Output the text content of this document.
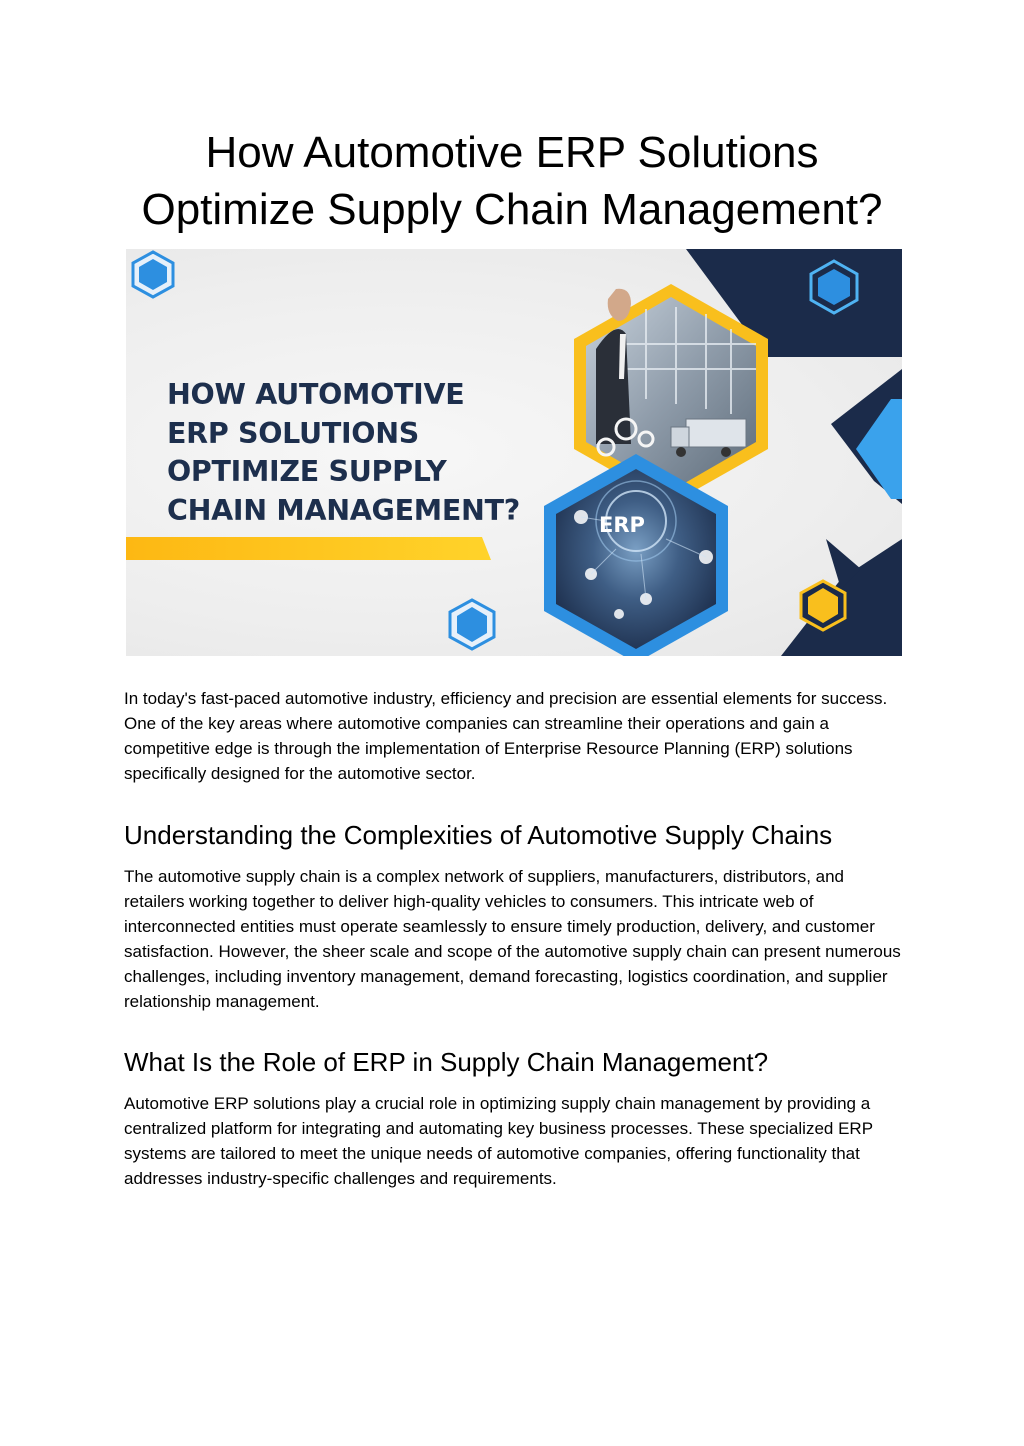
How Automotive ERP Solutions
Optimize Supply Chain Management?
ERP
HOW AUTOMOTIVE
ERP SOLUTIONS
OPTIMIZE SUPPLY
CHAIN MANAGEMENT?

In today's fast-paced automotive industry, efficiency and precision are essential elements for success. One of the key areas where automotive companies can streamline their operations and gain a competitive edge is through the implementation of Enterprise Resource Planning (ERP) solutions specifically designed for the automotive sector.

Understanding the Complexities of Automotive Supply Chains

The automotive supply chain is a complex network of suppliers, manufacturers, distributors, and retailers working together to deliver high-quality vehicles to consumers. This intricate web of interconnected entities must operate seamlessly to ensure timely production, delivery, and customer satisfaction. However, the sheer scale and scope of the automotive supply chain can present numerous challenges, including inventory management, demand forecasting, logistics coordination, and supplier relationship management.

What Is the Role of ERP in Supply Chain Management?

Automotive ERP solutions play a crucial role in optimizing supply chain management by providing a centralized platform for integrating and automating key business processes. These specialized ERP systems are tailored to meet the unique needs of automotive companies, offering functionality that addresses industry-specific challenges and requirements.
